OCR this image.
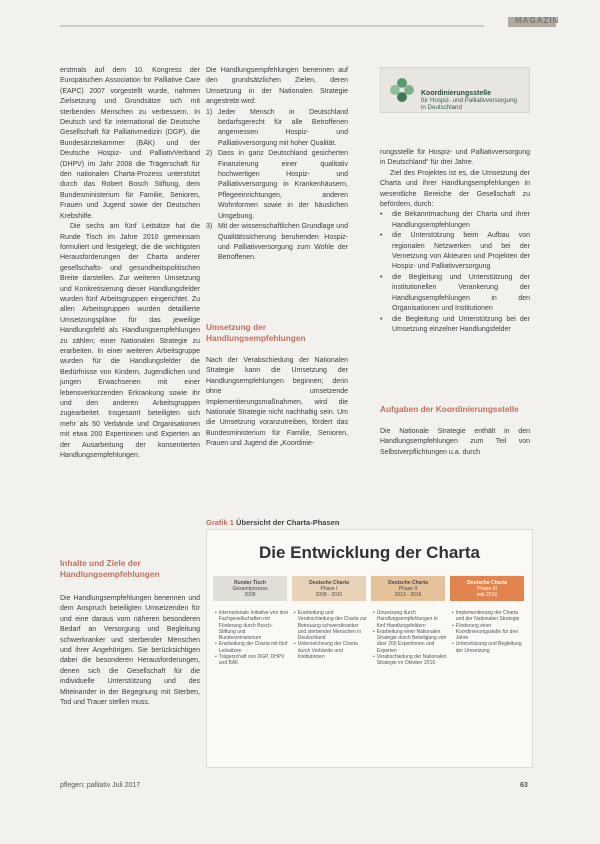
MAGAZIN

erstmals auf dem 10. Kongress der Europäischen Association for Palliative Care (EAPC) 2007 vorgestellt wurde, nahmen Zielsetzung und Grundsätze sich mit sterbenden Menschen zu verbessern. In Deutsch und für international die Deutsche Gesellschaft für Palliativmedizin (DGP), die Bundesärztekammer (BÄK) und der Deutsche Hospiz- und PalliativVerband (DHPV) im Jahr 2008 die Trägerschaft für den nationalen Charta-Prozess unterstützt durch das Robert Bosch Stiftung, dem Bundesministerium für Familie, Senioren, Frauen und Jugend sowie der Deutschen Krebshilfe.

Die sechs am fünf Leitsätze hat die Runde Tisch im Jahre 2010 gemeinsam formuliert und festgelegt, die die wichtigsten Herausforderungen der Charta anderer gesellschafts- und gesundheitspolitischen Breite darstellen. Zur weiteren Umsetzung und Konkretisierung dieser Handlungsfelder wurden fünf Arbeitsgruppen eingerichtet. Zu allen Arbeitsgruppen wurden detaillierte Umsetzungspläne für das jeweilige Handlungsfeld als Handlungsempfehlungen zu zählen; einer Nationalen Strategie zu erarbeiten. In einer weiteren Arbeitsgruppe wurden für die Handlungsfelder die Bedürfnisse von Kindern, Jugendlichen und jungen Erwachsenen mit einer lebensverkürzenden Erkrankung sowie ihr und den anderen Arbeitsgruppen zugearbeitet. Insgesamt beteiligten sich mehr als 50 Verbände und Organisationen mit etwa 200 Expertinnen und Experten an der Ausarbeitung der konsentierten Handlungsempfehlungen.

Inhalte und Ziele der Handlungsempfehlungen

Die Handlungsempfehlungen benennen und dem Anspruch beteiligten Umsetzenden für und eine daraus vom näheren besonderen Bedarf an Versorgung und Begleitung schwerkranker und sterbender Menschen und ihrer Angehörigen. Sie berücksichtigen dabei die besonderen Herausforderungen, denen sich die Gesellschaft für die individuelle Unterstützung und des Miteinander in der Begegnung mit Sterben, Tod und Trauer stellen muss.

Die Handlungsempfehlungen benennen auf den grundsätzlichen Zielen, deren Umsetzung in der Nationalen Strategie angestrebt wird:

1) Jeder Mensch in Deutschland bedarfsgerecht für alle Betroffenen angemessen Hospiz- und Palliativversorgung mit hoher Qualität.
2) Dass in ganz Deutschland gesicherten Finanzierung einer qualitativ hochwertigen Hospiz- und Palliativversorgung in Krankenhäusern, Pflegeeinrichtungen, anderen Wohnformen sowie in der häuslichen Umgebung.
3) Mit der wissenschaftlichen Grundlage und Qualitätssicherung beruhenden Hospiz- und Palliativversorgung zum Wohle der Betroffenen.
Umsetzung der Handlungsempfehlungen

Nach der Verabschiedung der Nationalen Strategie kann die Umsetzung der Handlungsempfehlungen beginnen; denn ohne umsetzende Implementierungsmaßnahmen, wird die Nationale Strategie nicht nachhaltig sein. Um die Umsetzung voranzutreiben, fördert das Bundesministerium für Familie, Senioren, Frauen und Jugend die „Koordinie-

Koordinierungsstelle
für Hospiz- und Palliativversorgung
in Deutschland

rungsstelle für Hospiz- und Palliativversorgung in Deutschland“ für drei Jahre.

Ziel des Projektes ist es, die Umsetzung der Charta und ihrer Handlungsempfehlungen in wesentliche Bereiche der Gesellschaft zu befördern, durch:

•	die Bekanntmachung der Charta und ihrer Handlungsempfehlungen
•	die Unterstützung beim Aufbau von regionalen Netzwerken und bei der Vernetzung von Akteuren und Projekten der Hospiz- und Palliativversorgung
•	die Begleitung und Unterstützung der institutionellen Verankerung der Handlungsempfehlungen in den Organisationen und Institutionen
•	die Begleitung und Unterstützung bei der Umsetzung einzelner Handlungsfelder
Aufgaben der Koordinierungsstelle

Die Nationale Strategie enthält in den Handlungsempfehlungen zum Teil von Selbstverpflichtungen u.a. durch

Grafik 1 Übersicht der Charta-Phasen
Die Entwicklung der Charta
Runder Tisch
Gesamtprozess
2008
Deutsche Charta
Phase I
2008 - 2010
Deutsche Charta
Phase II
2013 - 2016
Deutsche Charta
Phase III
seit 2016
• Internationale Initiative von drei Fachgesellschaften mit Förderung durch Bosch-Stiftung und Bundesministerium
• Erarbeitung der Charta mit fünf Leitsätzen
• Trägerschaft von DGP, DHPV und BÄK
• Erarbeitung und Verabschiedung der Charta zur Betreuung schwerstkranker und sterbender Menschen in Deutschland
• Unterzeichnung der Charta durch Verbände und Institutionen
• Umsetzung durch Handlungsempfehlungen in fünf Handlungsfeldern
• Erarbeitung einer Nationalen Strategie durch Beteiligung von über 200 Expertinnen und Experten
• Verabschiedung der Nationalen Strategie im Oktober 2016
• Implementierung der Charta und der Nationalen Strategie
• Förderung einer Koordinierungsstelle für drei Jahre
• Unterstützung und Begleitung der Umsetzung
pflegen: palliativ Juli 2017	63
